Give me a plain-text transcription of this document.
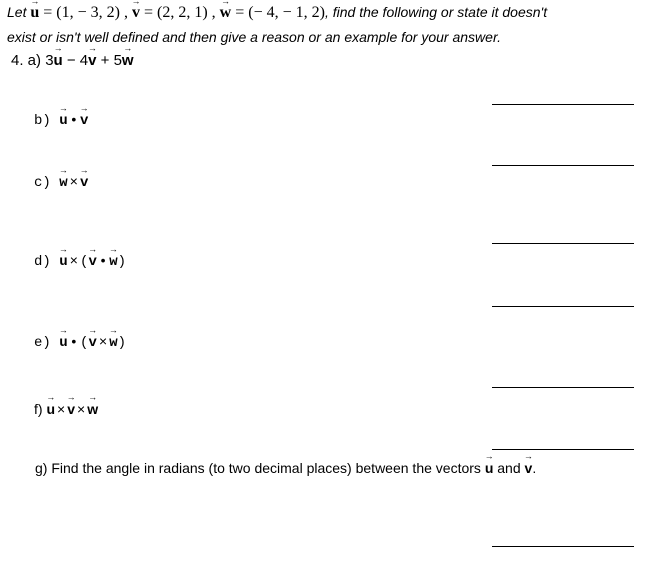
Let → u = (1, − 3, 2) , → v = (2, 2, 1) , → w = (− 4, − 1, 2), find the following or state it doesn't
exist or isn't well defined and then give a reason or an example for your answer.
4. a) 3→ u − 4→ v + 5→ w
b) → u • → v
c) → w × → v
d) → u × (→ v • → w)
e) → u • (→ v × → w)
f) → u × → v × → w
g) Find the angle in radians (to two decimal places) between the vectors → u and → v.
